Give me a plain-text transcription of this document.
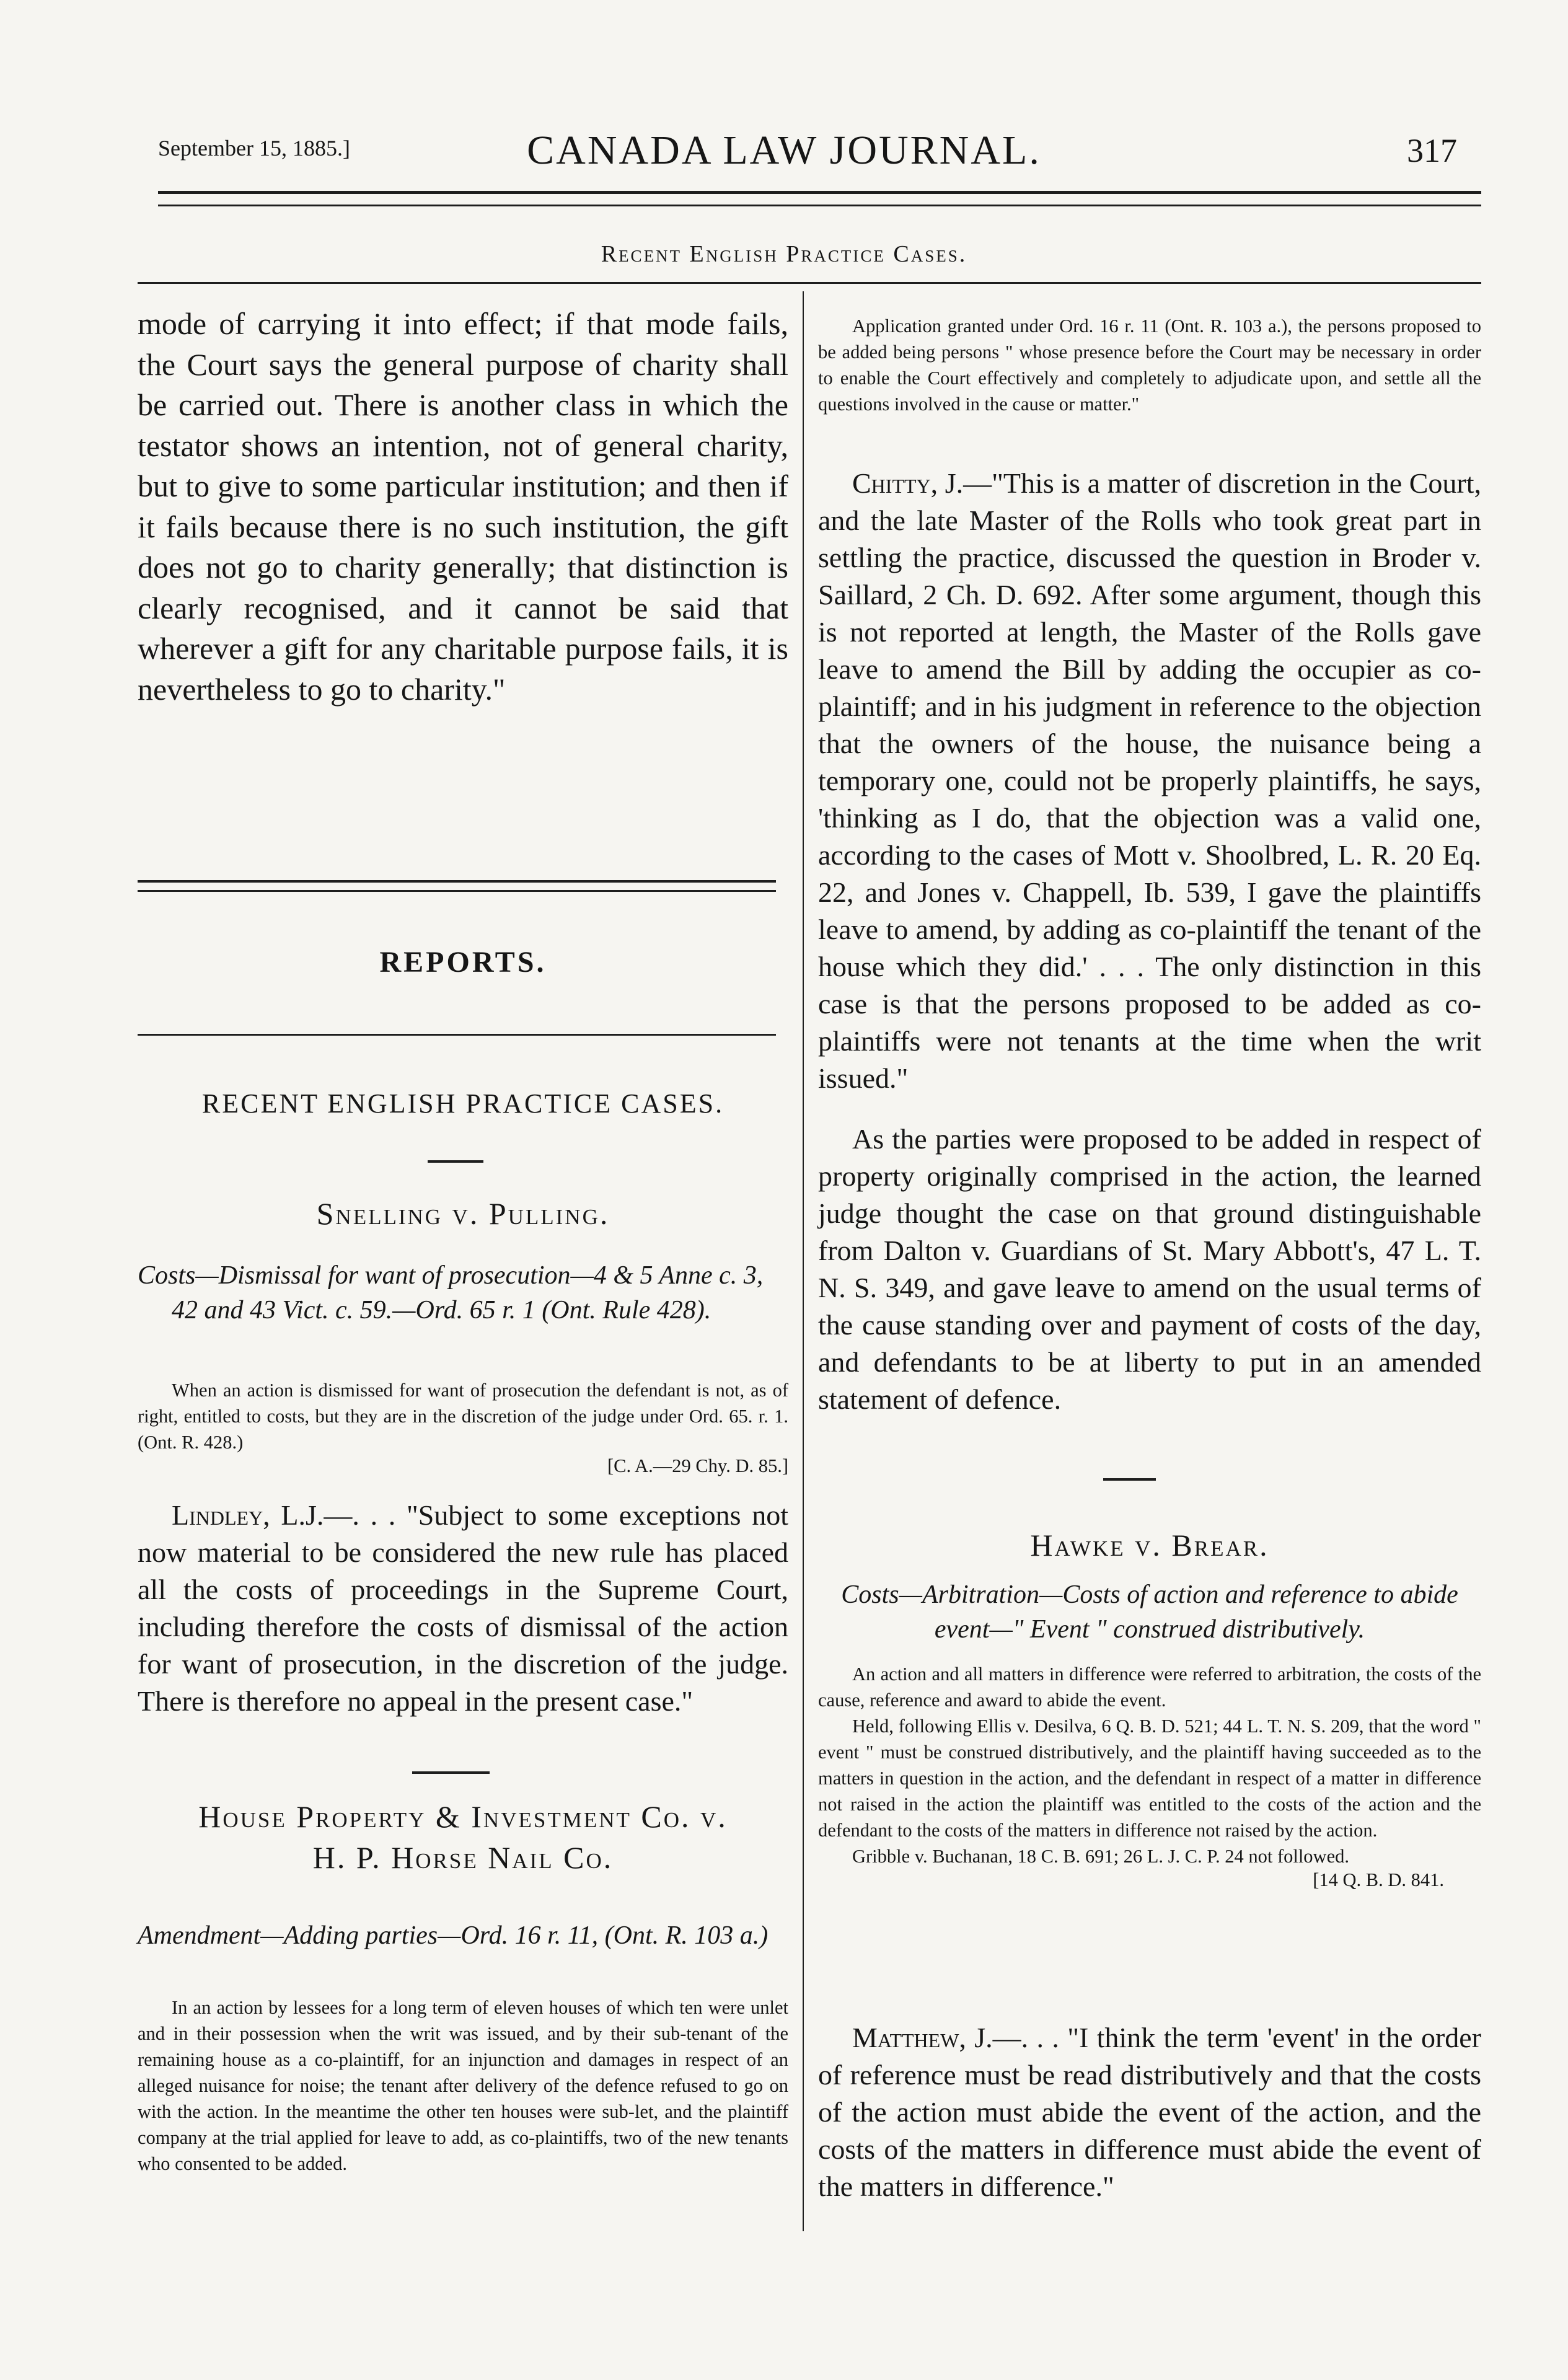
September 15, 1885.]	CANADA LAW JOURNAL.	317
Recent English Practice Cases.

mode of carrying it into effect; if that mode fails, the Court says the general purpose of charity shall be carried out. There is another class in which the testator shows an intention, not of general charity, but to give to some particular institution; and then if it fails because there is no such institution, the gift does not go to charity generally; that distinction is clearly recognised, and it cannot be said that wherever a gift for any charitable purpose fails, it is nevertheless to go to charity."

REPORTS.
RECENT ENGLISH PRACTICE CASES.

Snelling v. Pulling.

Costs—Dismissal for want of prosecution—4 & 5 Anne c. 3, 42 and 43 Vict. c. 59.—Ord. 65 r. 1 (Ont. Rule 428).

When an action is dismissed for want of prosecution the defendant is not, as of right, entitled to costs, but they are in the discretion of the judge under Ord. 65. r. 1. (Ont. R. 428.)

[C. A.—29 Chy. D. 85.]

Lindley, L.J.—. . . "Subject to some exceptions not now material to be considered the new rule has placed all the costs of proceedings in the Supreme Court, including therefore the costs of dismissal of the action for want of prosecution, in the discretion of the judge. There is therefore no appeal in the present case."

House Property & Investment Co. v.

H. P. Horse Nail Co.

Amendment—Adding parties—Ord. 16 r. 11, (Ont. R. 103 a.)

In an action by lessees for a long term of eleven houses of which ten were unlet and in their possession when the writ was issued, and by their sub-tenant of the remaining house as a co-plaintiff, for an injunction and damages in respect of an alleged nuisance for noise; the tenant after delivery of the defence refused to go on with the action. In the meantime the other ten houses were sub-let, and the plaintiff company at the trial applied for leave to add, as co-plaintiffs, two of the new tenants who consented to be added.

Application granted under Ord. 16 r. 11 (Ont. R. 103 a.), the persons proposed to be added being persons " whose presence before the Court may be necessary in order to enable the Court effectively and completely to adjudicate upon, and settle all the questions involved in the cause or matter."

Chitty, J.—"This is a matter of discretion in the Court, and the late Master of the Rolls who took great part in settling the practice, discussed the question in Broder v. Saillard, 2 Ch. D. 692. After some argument, though this is not reported at length, the Master of the Rolls gave leave to amend the Bill by adding the occupier as co-plaintiff; and in his judgment in reference to the objection that the owners of the house, the nuisance being a temporary one, could not be properly plaintiffs, he says, 'thinking as I do, that the objection was a valid one, according to the cases of Mott v. Shoolbred, L. R. 20 Eq. 22, and Jones v. Chappell, Ib. 539, I gave the plaintiffs leave to amend, by adding as co-plaintiff the tenant of the house which they did.' . . . The only distinction in this case is that the persons proposed to be added as co-plaintiffs were not tenants at the time when the writ issued."

As the parties were proposed to be added in respect of property originally comprised in the action, the learned judge thought the case on that ground distinguishable from Dalton v. Guardians of St. Mary Abbott's, 47 L. T. N. S. 349, and gave leave to amend on the usual terms of the cause standing over and payment of costs of the day, and defendants to be at liberty to put in an amended statement of defence.

Hawke v. Brear.

Costs—Arbitration—Costs of action and reference to abide event—" Event " construed distributively.

An action and all matters in difference were referred to arbitration, the costs of the cause, reference and award to abide the event.

Held, following Ellis v. Desilva, 6 Q. B. D. 521; 44 L. T. N. S. 209, that the word " event " must be construed distributively, and the plaintiff having succeeded as to the matters in question in the action, and the defendant in respect of a matter in difference not raised in the action the plaintiff was entitled to the costs of the action and the defendant to the costs of the matters in difference not raised by the action.

Gribble v. Buchanan, 18 C. B. 691; 26 L. J. C. P. 24 not followed.

[14 Q. B. D. 841.

Matthew, J.—. . . "I think the term 'event' in the order of reference must be read distributively and that the costs of the action must abide the event of the action, and the costs of the matters in difference must abide the event of the matters in difference."
